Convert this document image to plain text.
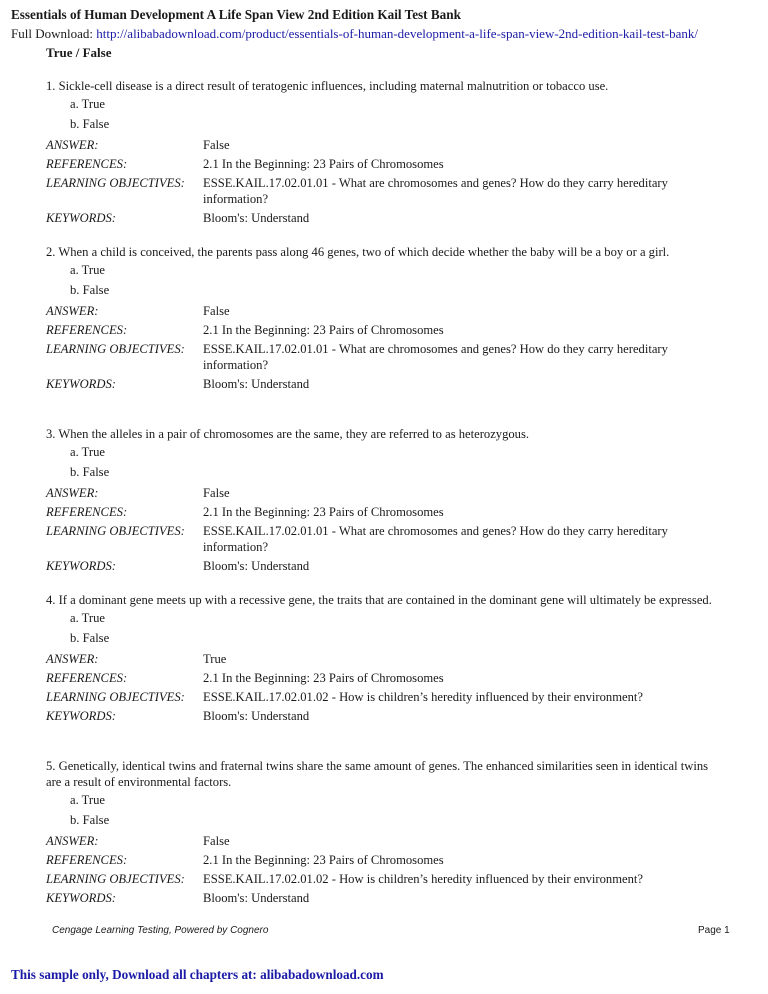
Essentials of Human Development A Life Span View 2nd Edition Kail Test Bank
Full Download: http://alibabadownload.com/product/essentials-of-human-development-a-life-span-view-2nd-edition-kail-test-bank/
True / False
1. Sickle-cell disease is a direct result of teratogenic influences, including maternal malnutrition or tobacco use.
a. True
b. False
ANSWER:	False
REFERENCES:	2.1 In the Beginning: 23 Pairs of Chromosomes
LEARNING OBJECTIVES:	ESSE.KAIL.17.02.01.01 - What are chromosomes and genes? How do they carry hereditary information?
KEYWORDS:	Bloom's: Understand
2. When a child is conceived, the parents pass along 46 genes, two of which decide whether the baby will be a boy or a girl.
a. True
b. False
ANSWER:	False
REFERENCES:	2.1 In the Beginning: 23 Pairs of Chromosomes
LEARNING OBJECTIVES:	ESSE.KAIL.17.02.01.01 - What are chromosomes and genes? How do they carry hereditary information?
KEYWORDS:	Bloom's: Understand
3. When the alleles in a pair of chromosomes are the same, they are referred to as heterozygous.
a. True
b. False
ANSWER:	False
REFERENCES:	2.1 In the Beginning: 23 Pairs of Chromosomes
LEARNING OBJECTIVES:	ESSE.KAIL.17.02.01.01 - What are chromosomes and genes? How do they carry hereditary information?
KEYWORDS:	Bloom's: Understand
4. If a dominant gene meets up with a recessive gene, the traits that are contained in the dominant gene will ultimately be expressed.
a. True
b. False
ANSWER:	True
REFERENCES:	2.1 In the Beginning: 23 Pairs of Chromosomes
LEARNING OBJECTIVES:	ESSE.KAIL.17.02.01.02 - How is children’s heredity influenced by their environment?
KEYWORDS:	Bloom's: Understand
5. Genetically, identical twins and fraternal twins share the same amount of genes. The enhanced similarities seen in identical twins are a result of environmental factors.
a. True
b. False
ANSWER:	False
REFERENCES:	2.1 In the Beginning: 23 Pairs of Chromosomes
LEARNING OBJECTIVES:	ESSE.KAIL.17.02.01.02 - How is children’s heredity influenced by their environment?
KEYWORDS:	Bloom's: Understand
Cengage Learning Testing, Powered by Cognero	Page 1
This sample only, Download all chapters at: alibabadownload.com
